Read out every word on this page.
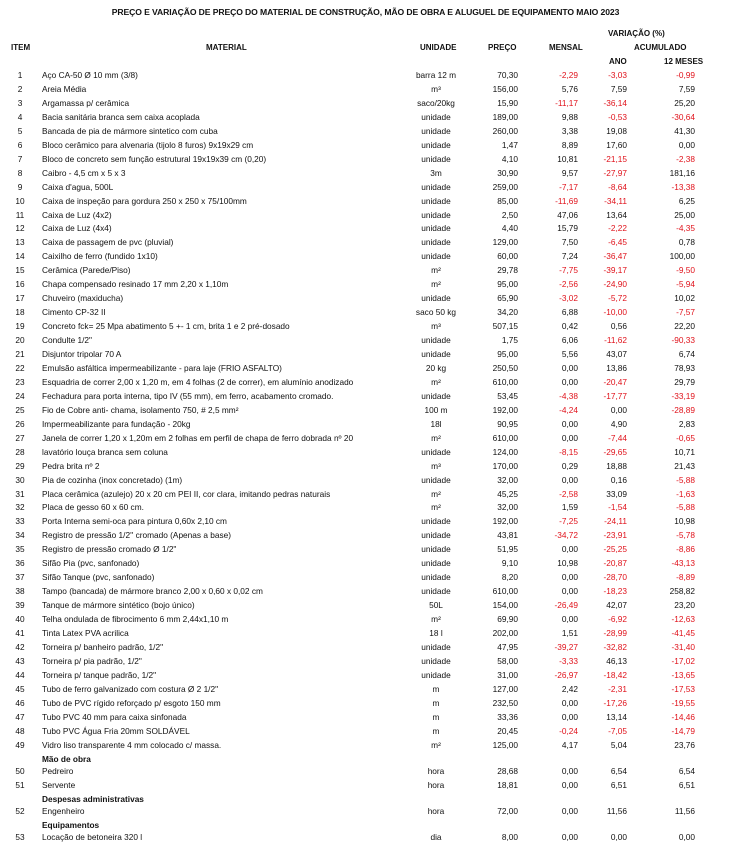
PREÇO E VARIAÇÃO DE PREÇO DO MATERIAL DE CONSTRUÇÃO, MÃO DE OBRA E ALUGUEL DE EQUIPAMENTO MAIO 2023
VARIAÇÃO (%)
ITEM	MATERIAL	UNIDADE	PREÇO	MENSAL	ACUMULADO
ANO	12 MESES
1	Aço CA-50 Ø 10 mm (3/8)	barra 12 m	70,30	-2,29	-3,03	-0,99
2	Areia Média	m³	156,00	5,76	7,59	7,59
3	Argamassa p/ cerâmica	saco/20kg	15,90	-11,17	-36,14	25,20
4	Bacia sanitária branca sem caixa acoplada	unidade	189,00	9,88	-0,53	-30,64
5	Bancada de pia de mármore sintetico com cuba	unidade	260,00	3,38	19,08	41,30
6	Bloco cerâmico para alvenaria (tijolo 8 furos) 9x19x29 cm	unidade	1,47	8,89	17,60	0,00
7	Bloco de concreto sem função estrutural 19x19x39 cm (0,20)	unidade	4,10	10,81	-21,15	-2,38
8	Caibro - 4,5 cm x 5 x 3	3m	30,90	9,57	-27,97	181,16
9	Caixa d'agua, 500L	unidade	259,00	-7,17	-8,64	-13,38
10	Caixa de inspeção para gordura 250 x 250 x 75/100mm	unidade	85,00	-11,69	-34,11	6,25
11	Caixa de Luz (4x2)	unidade	2,50	47,06	13,64	25,00
12	Caixa de Luz (4x4)	unidade	4,40	15,79	-2,22	-4,35
13	Caixa de passagem de pvc (pluvial)	unidade	129,00	7,50	-6,45	0,78
14	Caixilho de ferro (fundido 1x10)	unidade	60,00	7,24	-36,47	100,00
15	Cerâmica (Parede/Piso)	m²	29,78	-7,75	-39,17	-9,50
16	Chapa compensado resinado 17 mm 2,20 x 1,10m	m²	95,00	-2,56	-24,90	-5,94
17	Chuveiro (maxiducha)	unidade	65,90	-3,02	-5,72	10,02
18	Cimento CP-32 II	saco 50 kg	34,20	6,88	-10,00	-7,57
19	Concreto fck= 25 Mpa abatimento 5 +- 1 cm, brita 1 e 2 pré-dosado	m³	507,15	0,42	0,56	22,20
20	Condulte 1/2"	unidade	1,75	6,06	-11,62	-90,33
21	Disjuntor tripolar 70 A	unidade	95,00	5,56	43,07	6,74
22	Emulsão asfáltica impermeabilizante - para laje (FRIO ASFALTO)	20 kg	250,50	0,00	13,86	78,93
23	Esquadria de correr 2,00 x 1,20 m, em 4 folhas (2 de correr), em alumínio anodizado	m²	610,00	0,00	-20,47	29,79
24	Fechadura para porta interna, tipo IV (55 mm), em ferro, acabamento cromado.	unidade	53,45	-4,38	-17,77	-33,19
25	Fio de Cobre anti- chama, isolamento 750, # 2,5 mm²	100 m	192,00	-4,24	0,00	-28,89
26	Impermeabilizante para fundação - 20kg	18l	90,95	0,00	4,90	2,83
27	Janela de correr 1,20 x 1,20m em 2 folhas em perfil de chapa de ferro dobrada nº 20	m²	610,00	0,00	-7,44	-0,65
28	lavatório louça branca sem coluna	unidade	124,00	-8,15	-29,65	10,71
29	Pedra brita nº 2	m³	170,00	0,29	18,88	21,43
30	Pia de cozinha (inox concretado) (1m)	unidade	32,00	0,00	0,16	-5,88
31	Placa cerâmica (azulejo) 20 x 20 cm PEI II, cor clara, imitando pedras naturais	m²	45,25	-2,58	33,09	-1,63
32	Placa de gesso 60 x 60 cm.	m²	32,00	1,59	-1,54	-5,88
33	Porta Interna semi-oca para pintura 0,60x 2,10 cm	unidade	192,00	-7,25	-24,11	10,98
34	Registro de pressão 1/2'' cromado (Apenas a base)	unidade	43,81	-34,72	-23,91	-5,78
35	Registro de pressão cromado Ø 1/2"	unidade	51,95	0,00	-25,25	-8,86
36	Sifão Pia (pvc, sanfonado)	unidade	9,10	10,98	-20,87	-43,13
37	Sifão Tanque (pvc, sanfonado)	unidade	8,20	0,00	-28,70	-8,89
38	Tampo (bancada) de mármore branco 2,00 x 0,60 x 0,02 cm	unidade	610,00	0,00	-18,23	258,82
39	Tanque de mármore sintético (bojo único)	50L	154,00	-26,49	42,07	23,20
40	Telha ondulada de fibrocimento 6 mm 2,44x1,10 m	m²	69,90	0,00	-6,92	-12,63
41	Tinta Latex PVA acrilica	18 l	202,00	1,51	-28,99	-41,45
42	Torneira p/ banheiro padrão, 1/2"	unidade	47,95	-39,27	-32,82	-31,40
43	Torneira p/ pia padrão, 1/2"	unidade	58,00	-3,33	46,13	-17,02
44	Torneira p/ tanque padrão, 1/2"	unidade	31,00	-26,97	-18,42	-13,65
45	Tubo de ferro galvanizado com costura Ø 2 1/2"	m	127,00	2,42	-2,31	-17,53
46	Tubo de PVC rígido reforçado p/ esgoto 150 mm	m	232,50	0,00	-17,26	-19,55
47	Tubo PVC 40 mm para caixa sinfonada	m	33,36	0,00	13,14	-14,46
48	Tubo PVC Água Fria 20mm SOLDÁVEL	m	20,45	-0,24	-7,05	-14,79
49	Vidro liso transparente 4 mm colocado c/ massa.	m²	125,00	4,17	5,04	23,76
Mão de obra
50	Pedreiro	hora	28,68	0,00	6,54	6,54
51	Servente	hora	18,81	0,00	6,51	6,51
Despesas administrativas
52	Engenheiro	hora	72,00	0,00	11,56	11,56
Equipamentos
53	Locação de betoneira 320 l	dia	8,00	0,00	0,00	0,00
